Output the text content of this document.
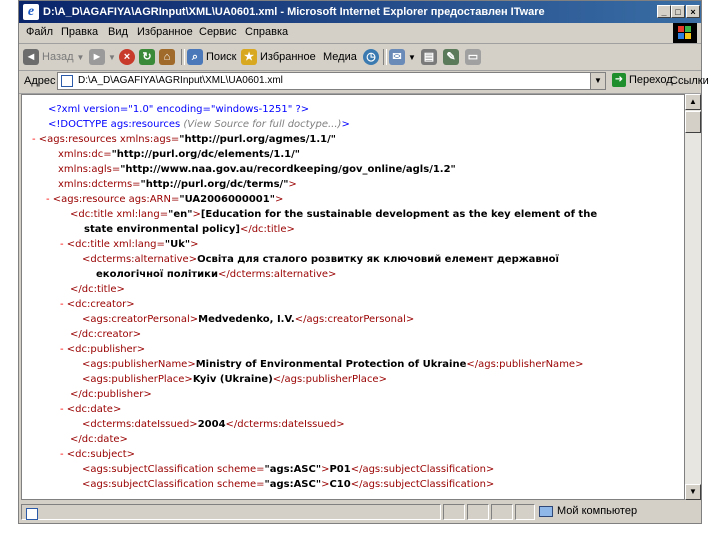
e D:\A_D\AGAFIYA\AGRInput\XML\UA0601.xml - Microsoft Internet Explorer предоставлен ITware	_ □	×
Файл Правка Вид Избранное Сервис Справка
◄ Назад ▼ ► ▼ ×	↻	⌂	⌕ Поиск ★ Избранное Медиа ◷	✉ ▼ ▤	✎	▭
Адрес D:\A_D\AGAFIYA\AGRInput\XML\UA0601.xml	▼	➜ Переход
Ссылки
<?xml version="1.0" encoding="windows-1251" ?>
<!DOCTYPE ags:resources (View Source for full doctype...)>
- <ags:resources xmlns:ags="http://purl.org/agmes/1.1/"
xmlns:dc="http://purl.org/dc/elements/1.1/"
xmlns:agls="http://www.naa.gov.au/recordkeeping/gov_online/agls/1.2"
xmlns:dcterms="http://purl.org/dc/terms/">
- <ags:resource ags:ARN="UA2006000001">
<dc:title xml:lang="en">[Education for the sustainable development as the key element of the
state environmental policy]</dc:title>
- <dc:title xml:lang="Uk">
<dcterms:alternative>Освіта для сталого розвитку як ключовий елемент державної
екологічної політики</dcterms:alternative>
</dc:title>
- <dc:creator>
<ags:creatorPersonal>Medvedenko, I.V.</ags:creatorPersonal>
</dc:creator>
- <dc:publisher>
<ags:publisherName>Ministry of Environmental Protection of Ukraine</ags:publisherName>
<ags:publisherPlace>Kyiv (Ukraine)</ags:publisherPlace>
</dc:publisher>
- <dc:date>
<dcterms:dateIssued>2004</dcterms:dateIssued>
</dc:date>
- <dc:subject>
<ags:subjectClassification scheme="ags:ASC">P01</ags:subjectClassification>
<ags:subjectClassification scheme="ags:ASC">C10</ags:subjectClassification>
▲
▼
Мой компьютер
